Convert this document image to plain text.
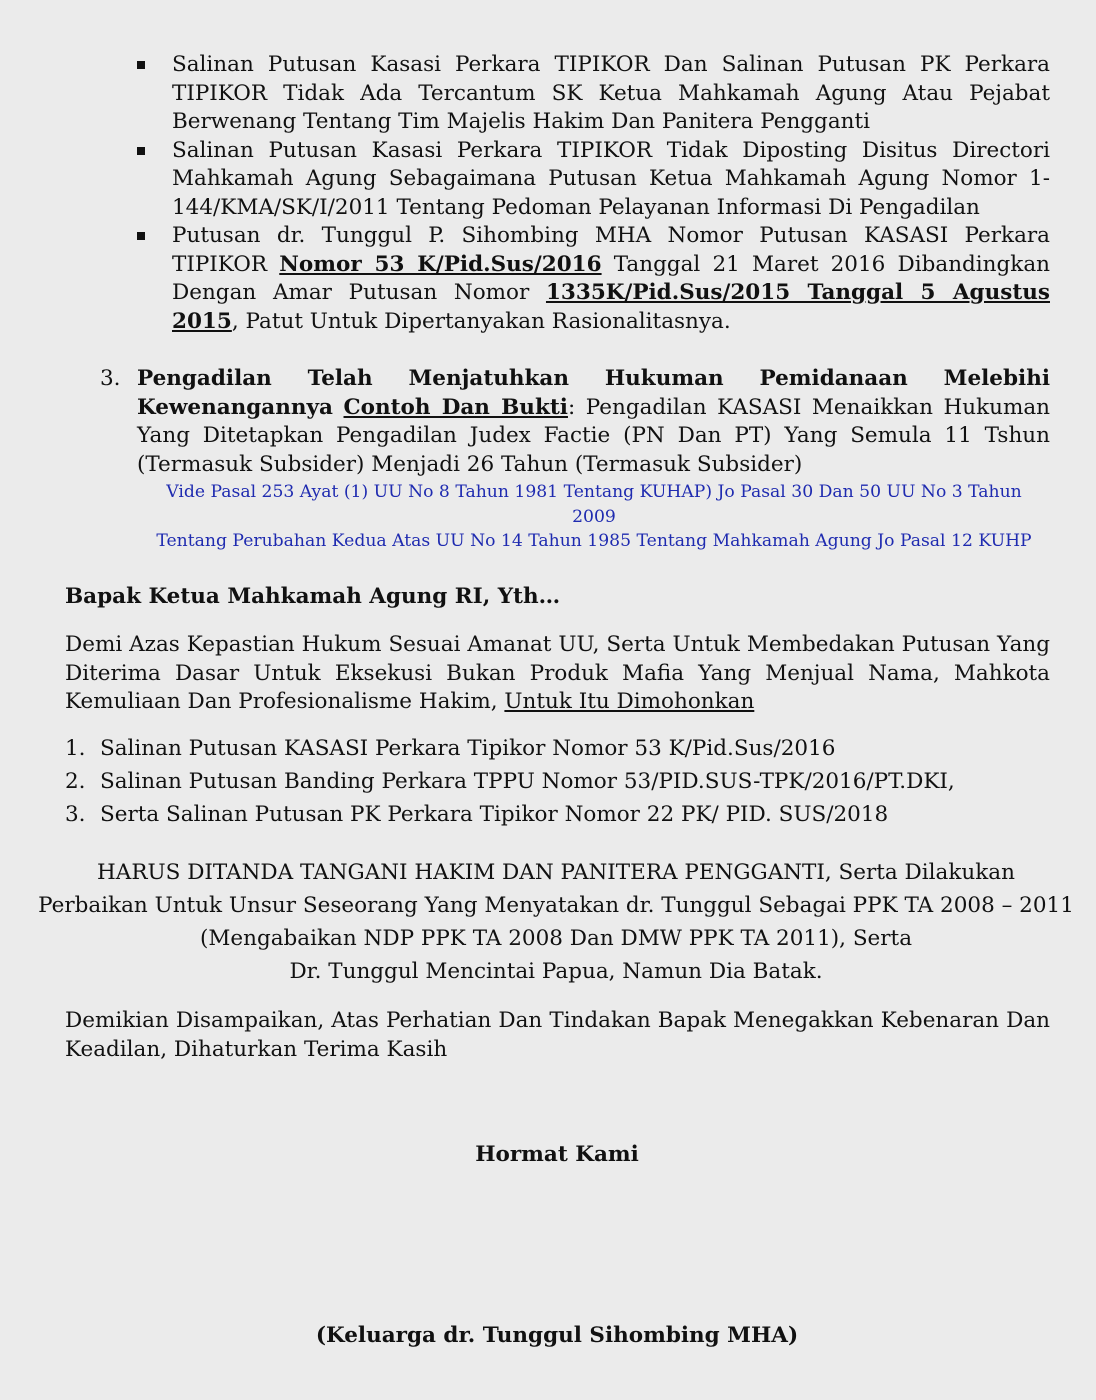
Salinan Putusan Kasasi Perkara TIPIKOR Dan Salinan Putusan PK Perkara TIPIKOR Tidak Ada Tercantum SK Ketua Mahkamah Agung Atau Pejabat Berwenang Tentang Tim Majelis Hakim Dan Panitera Pengganti
Salinan Putusan Kasasi Perkara TIPIKOR Tidak Diposting Disitus Directori Mahkamah Agung Sebagaimana Putusan Ketua Mahkamah Agung Nomor 1-144/KMA/SK/I/2011 Tentang Pedoman Pelayanan Informasi Di Pengadilan
Putusan dr. Tunggul P. Sihombing MHA Nomor Putusan KASASI Perkara TIPIKOR Nomor 53 K/Pid.Sus/2016 Tanggal 21 Maret 2016 Dibandingkan Dengan Amar Putusan Nomor 1335K/Pid.Sus/2015 Tanggal 5 Agustus 2015, Patut Untuk Dipertanyakan Rasionalitasnya.
3. Pengadilan Telah Menjatuhkan Hukuman Pemidanaan Melebihi Kewenangannya Contoh Dan Bukti: Pengadilan KASASI Menaikkan Hukuman Yang Ditetapkan Pengadilan Judex Factie (PN Dan PT) Yang Semula 11 Tshun (Termasuk Subsider) Menjadi 26 Tahun (Termasuk Subsider)
Vide Pasal 253 Ayat (1) UU No 8 Tahun 1981 Tentang KUHAP) Jo Pasal 30 Dan 50 UU No 3 Tahun 2009
Tentang Perubahan Kedua Atas UU No 14 Tahun 1985 Tentang Mahkamah Agung Jo Pasal 12 KUHP
Bapak Ketua Mahkamah Agung RI, Yth…
Demi Azas Kepastian Hukum Sesuai Amanat UU, Serta Untuk Membedakan Putusan Yang Diterima Dasar Untuk Eksekusi Bukan Produk Mafia Yang Menjual Nama, Mahkota Kemuliaan Dan Profesionalisme Hakim, Untuk Itu Dimohonkan
1. Salinan Putusan KASASI Perkara Tipikor Nomor 53 K/Pid.Sus/2016
2. Salinan Putusan Banding Perkara TPPU Nomor 53/PID.SUS-TPK/2016/PT.DKI,
3. Serta Salinan Putusan PK Perkara Tipikor Nomor 22 PK/ PID. SUS/2018
HARUS DITANDA TANGANI HAKIM DAN PANITERA PENGGANTI, Serta Dilakukan
Perbaikan Untuk Unsur Seseorang Yang Menyatakan dr. Tunggul Sebagai PPK TA 2008 – 2011
(Mengabaikan NDP PPK TA 2008 Dan DMW PPK TA 2011), Serta
Dr. Tunggul Mencintai Papua, Namun Dia Batak.
Demikian Disampaikan, Atas Perhatian Dan Tindakan Bapak Menegakkan Kebenaran Dan Keadilan, Dihaturkan Terima Kasih
Hormat Kami
(Keluarga dr. Tunggul Sihombing MHA)
